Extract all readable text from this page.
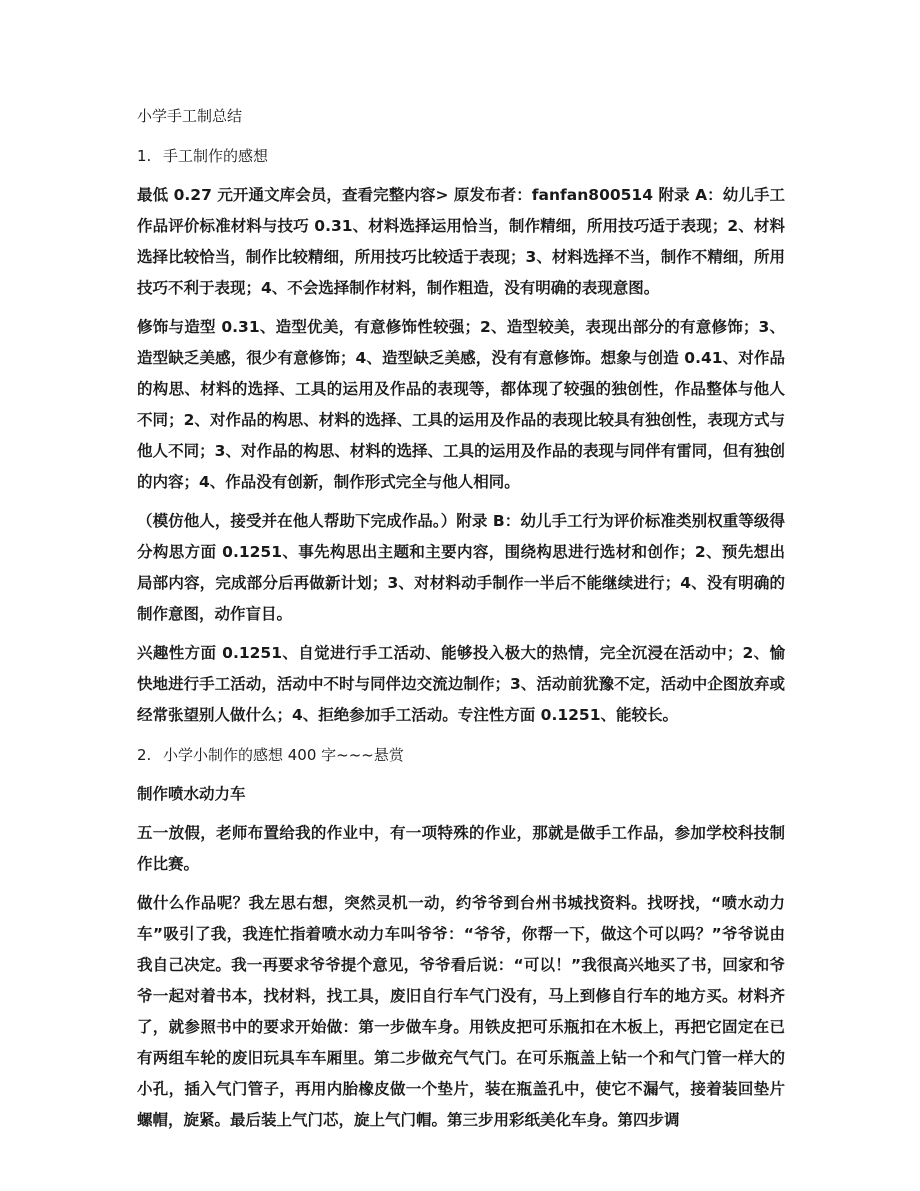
小学手工制总结
1. 手工制作的感想

最低 0.27 元开通文库会员，查看完整内容> 原发布者：fanfan800514 附录 A：幼儿手工作品评价标准材料与技巧 0.31、材料选择运用恰当，制作精细，所用技巧适于表现；2、材料选择比较恰当，制作比较精细，所用技巧比较适于表现；3、材料选择不当，制作不精细，所用技巧不利于表现；4、不会选择制作材料，制作粗造，没有明确的表现意图。

修饰与造型 0.31、造型优美，有意修饰性较强；2、造型较美，表现出部分的有意修饰；3、造型缺乏美感，很少有意修饰；4、造型缺乏美感，没有有意修饰。想象与创造 0.41、对作品的构思、材料的选择、工具的运用及作品的表现等，都体现了较强的独创性，作品整体与他人不同；2、对作品的构思、材料的选择、工具的运用及作品的表现比较具有独创性，表现方式与他人不同；3、对作品的构思、材料的选择、工具的运用及作品的表现与同伴有雷同，但有独创的内容；4、作品没有创新，制作形式完全与他人相同。

（模仿他人，接受并在他人帮助下完成作品。）附录 B：幼儿手工行为评价标准类别权重等级得分构思方面 0.1251、事先构思出主题和主要内容，围绕构思进行选材和创作；2、预先想出局部内容，完成部分后再做新计划；3、对材料动手制作一半后不能继续进行；4、没有明确的制作意图，动作盲目。

兴趣性方面 0.1251、自觉进行手工活动、能够投入极大的热情，完全沉浸在活动中；2、愉快地进行手工活动，活动中不时与同伴边交流边制作；3、活动前犹豫不定，活动中企图放弃或经常张望别人做什么；4、拒绝参加手工活动。专注性方面 0.1251、能较长。

2. 小学小制作的感想 400 字~~~悬赏

制作喷水动力车

五一放假，老师布置给我的作业中，有一项特殊的作业，那就是做手工作品，参加学校科技制作比赛。

做什么作品呢？我左思右想，突然灵机一动，约爷爷到台州书城找资料。找呀找，“喷水动力车”吸引了我，我连忙指着喷水动力车叫爷爷：“爷爷，你帮一下，做这个可以吗？”爷爷说由我自己决定。我一再要求爷爷提个意见，爷爷看后说：“可以！”我很高兴地买了书，回家和爷爷一起对着书本，找材料，找工具，废旧自行车气门没有，马上到修自行车的地方买。材料齐了，就参照书中的要求开始做：第一步做车身。用铁皮把可乐瓶扣在木板上，再把它固定在已有两组车轮的废旧玩具车车厢里。第二步做充气气门。在可乐瓶盖上钻一个和气门管一样大的小孔，插入气门管子，再用内胎橡皮做一个垫片，装在瓶盖孔中，使它不漏气，接着装回垫片螺帽，旋紧。最后装上气门芯，旋上气门帽。第三步用彩纸美化车身。第四步调
